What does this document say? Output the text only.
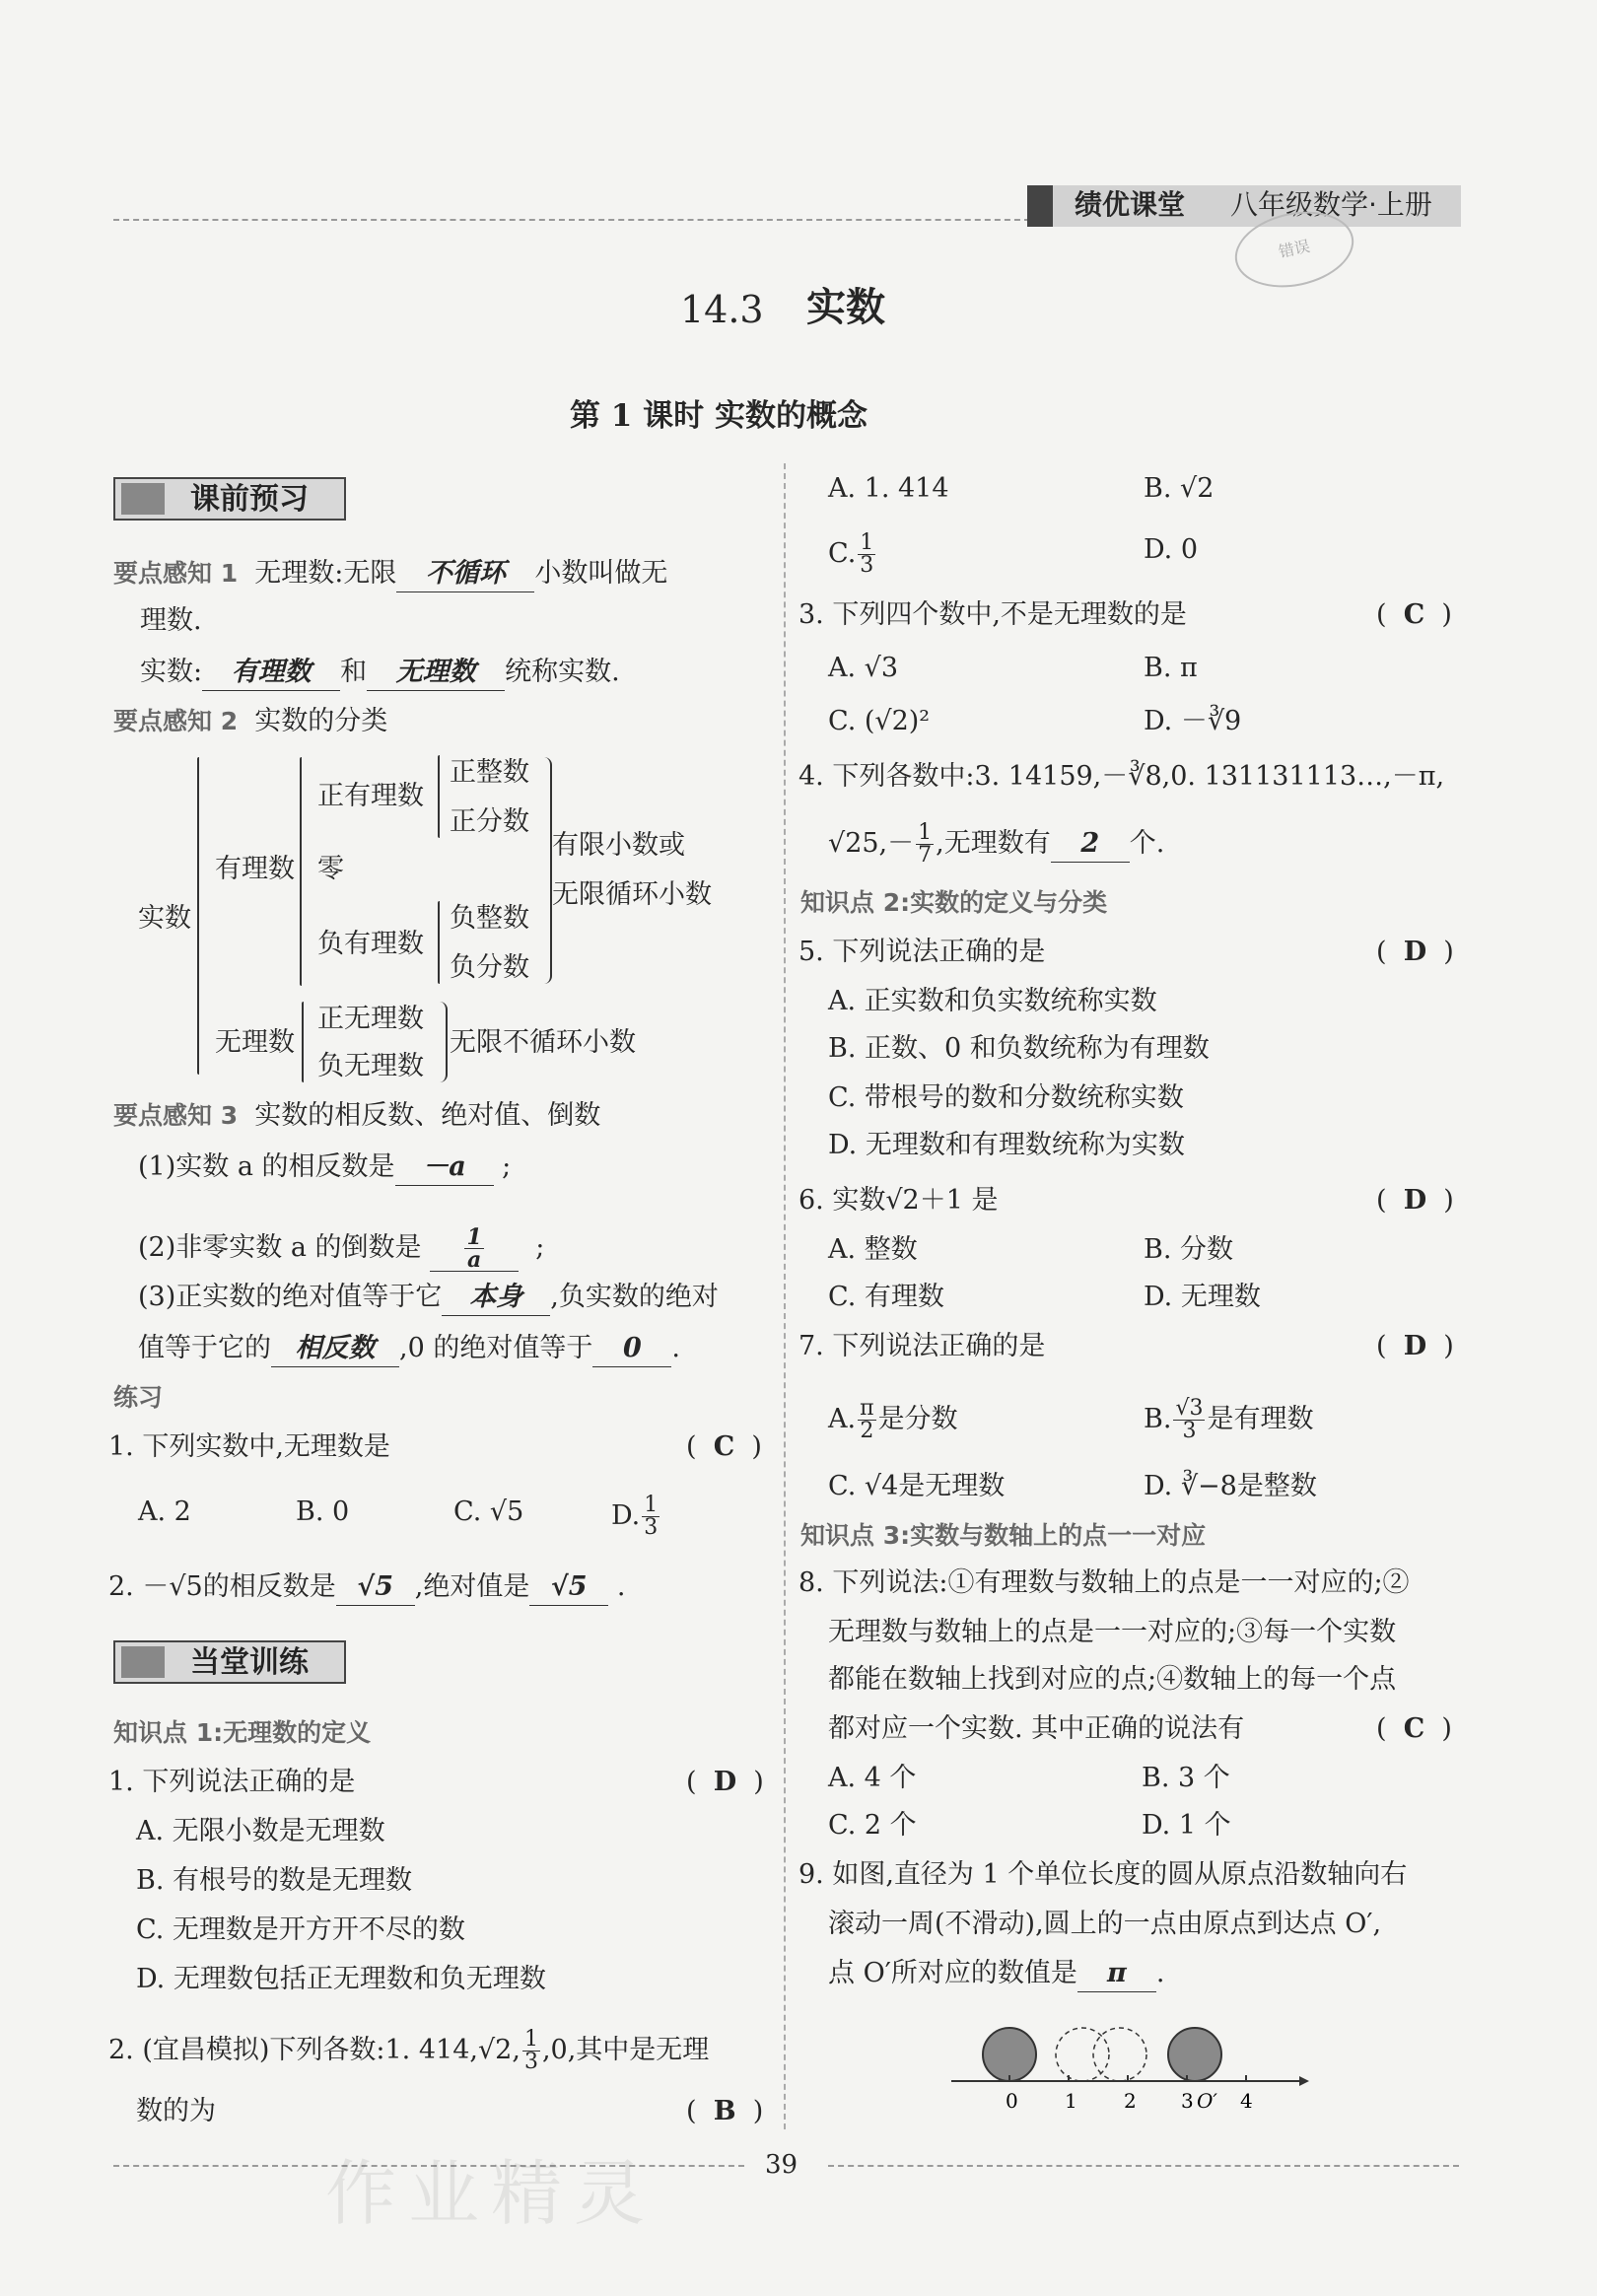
绩优课堂 八年级数学·上册
错误
14.3 实数
第 1 课时 实数的概念
课前预习
要点感知 1 无理数:无限 不循环 小数叫做无
理数.
实数: 有理数 和 无理数 统称实数.
要点感知 2 实数的分类
实数
有理数
正有理数
正整数
正分数
零
负有理数
负整数
负分数
有限小数或
无限循环小数
无理数
正无理数
负无理数
无限不循环小数
要点感知 3 实数的相反数、绝对值、倒数
(1)实数 a 的相反数是 －a ;
(2)非零实数 a 的倒数是 $\frac{1}{a}$ ;
(3)正实数的绝对值等于它 本身 ,负实数的绝对
值等于它的 相反数 ,0 的绝对值等于 0 .
练习
1. 下列实数中,无理数是	(  C  )
A. 2	B. 0	C. √5	D. $\frac{1}{3}$
2. －√5的相反数是 √5 ,绝对值是 √5 .
当堂训练
知识点 1:无理数的定义
1. 下列说法正确的是	(  D  )
A. 无限小数是无理数
B. 有根号的数是无理数
C. 无理数是开方开不尽的数
D. 无理数包括正无理数和负无理数
2. (宜昌模拟)下列各数:1. 414,√2, $\frac{1}{3} ,0$,其中是无理
数的为	(  B  )
A. 1. 414	B. √2
C. $\frac{1}{3}$	D. 0
3. 下列四个数中,不是无理数的是	(  C  )
A. √3	B. π
C. (√2)²	D. －∛9
4. 下列各数中:3. 14159,－∛8,0. 131131113…,－π,
$√25,- \frac{1}{7}$ ,无理数有 2 个.
知识点 2:实数的定义与分类
5. 下列说法正确的是	(  D  )
A. 正实数和负实数统称实数
B. 正数、0 和负数统称为有理数
C. 带根号的数和分数统称实数
D. 无理数和有理数统称为实数
6. 实数√2＋1 是	(  D  )
A. 整数	B. 分数
C. 有理数	D. 无理数
7. 下列说法正确的是	(  D  )
A. $\frac{\pi}{2}$ 是分数	B. $\frac{√3}{3}$ 是有理数
C. √4是无理数	D. ∛−8是整数
知识点 3:实数与数轴上的点一一对应
8. 下列说法:①有理数与数轴上的点是一一对应的;②
无理数与数轴上的点是一一对应的;③每一个实数
都能在数轴上找到对应的点;④数轴上的每一个点
都对应一个实数. 其中正确的说法有	(  C  )
A. 4 个	B. 3 个
C. 2 个	D. 1 个
9. 如图,直径为 1 个单位长度的圆从原点沿数轴向右
滚动一周(不滑动),圆上的一点由原点到达点 O′,
点 O′所对应的数值是 π .
0 1 2 3 O′ 4
39
作业精灵
